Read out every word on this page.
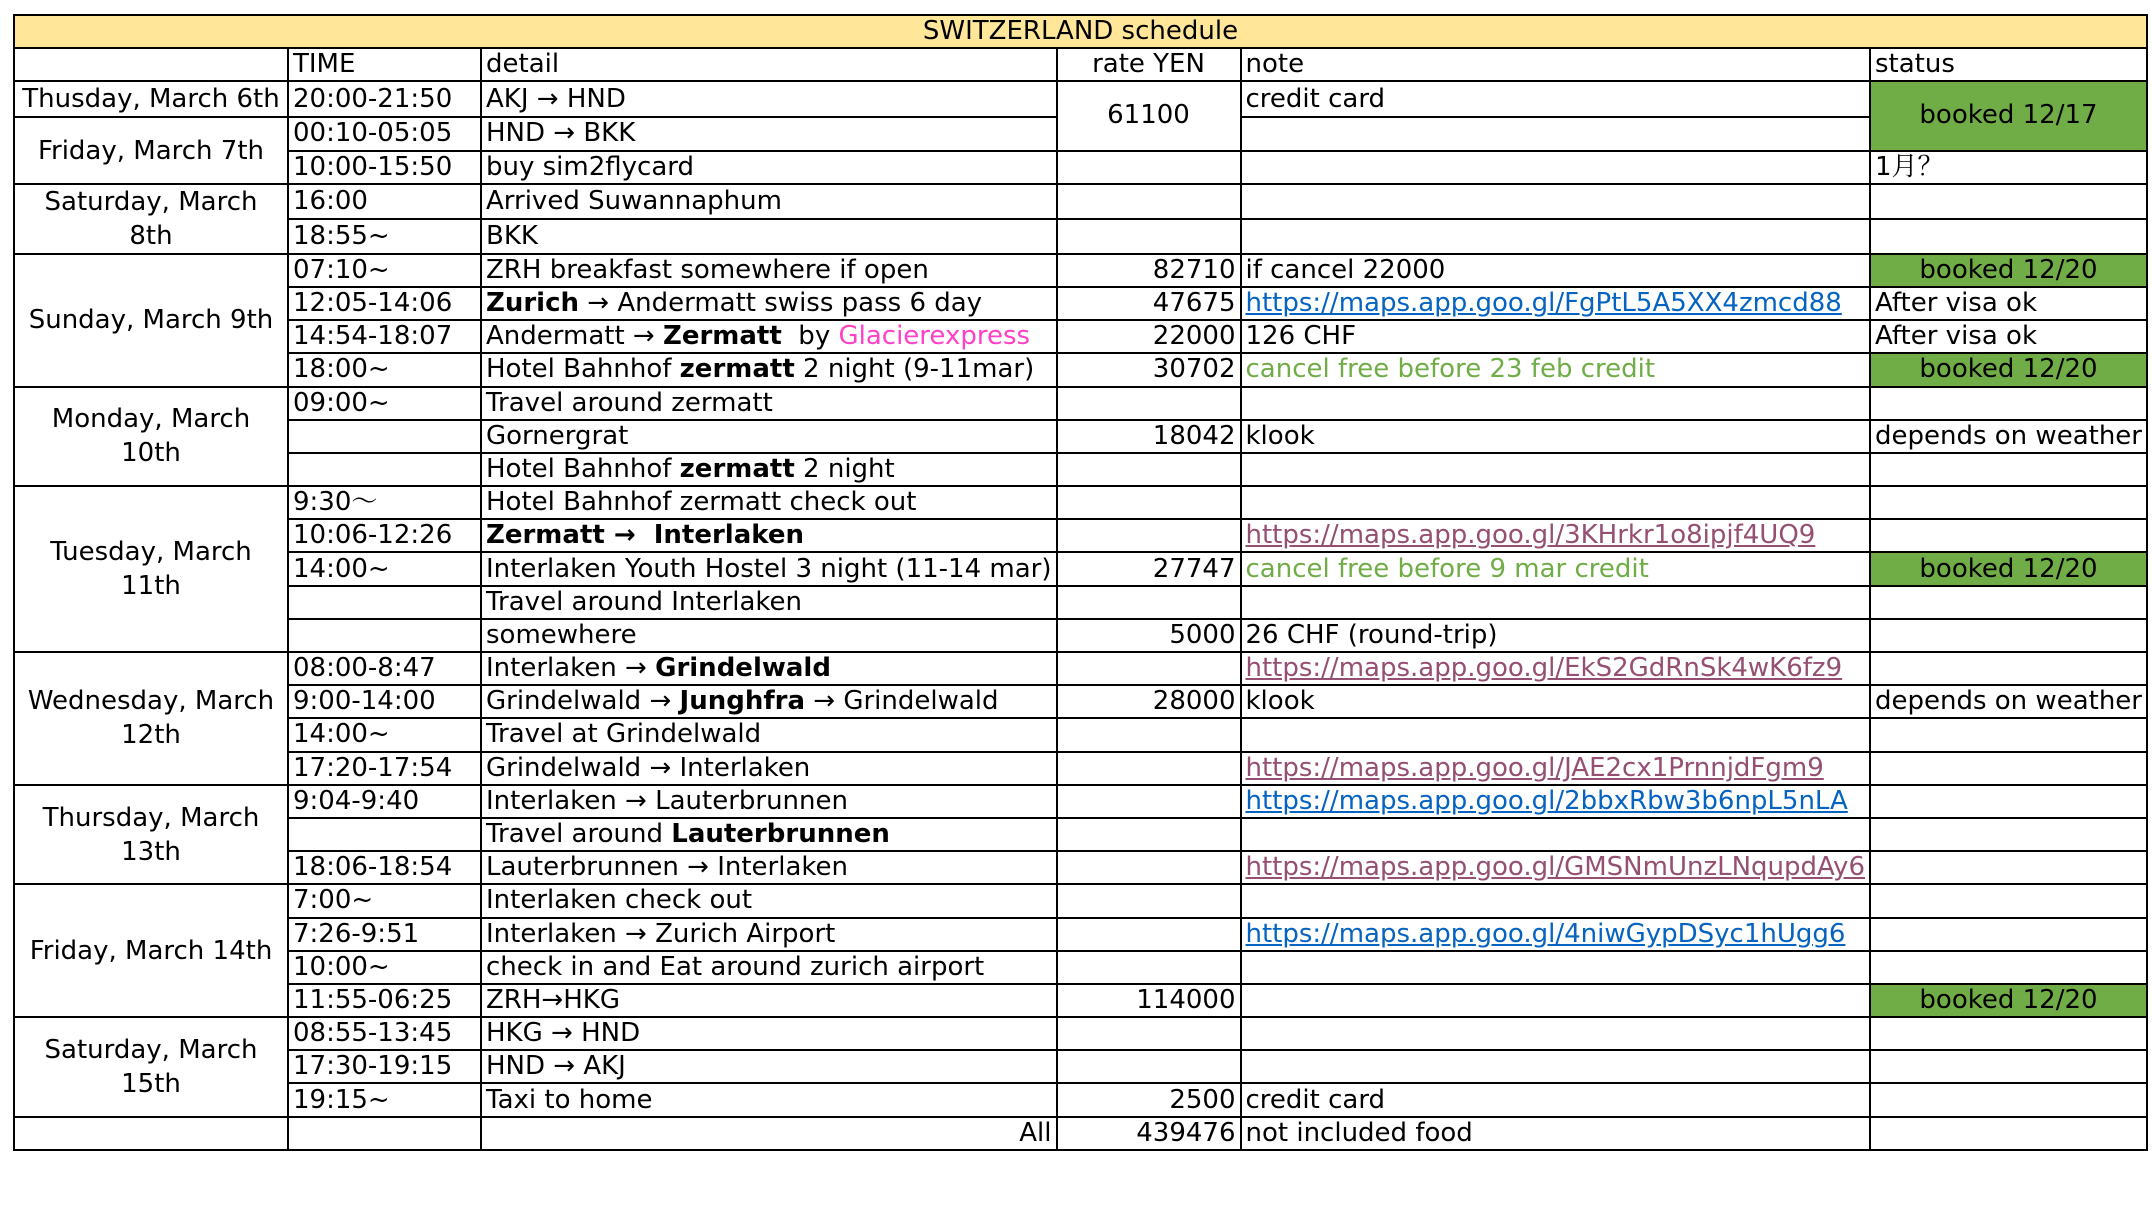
SWITZERLAND schedule					
	TIME	detail	rate YEN	note	status
Thusday, March 6th	20:00-21:50	AKJ → HND	61100	credit card	booked 12/17
Friday, March 7th	00:10-05:05	HND → BKK			
	10:00-15:50	buy sim2flycard			1月？
Saturday, March 8th	16:00	Arrived Suwannaphum			
	18:55~	BKK			
Sunday, March 9th	07:10~	ZRH breakfast somewhere if open	82710	if cancel 22000	booked 12/20
	12:05-14:06	Zurich → Andermatt swiss pass 6 day	47675	https://maps.app.goo.gl/FgPtL5A5XX4zmcd88	After visa ok
	14:54-18:07	Andermatt → Zermatt  by Glacierexpress	22000	126 CHF	After visa ok
	18:00~	Hotel Bahnhof zermatt 2 night (9-11mar)	30702	cancel free before 23 feb credit	booked 12/20
Monday, March 10th	09:00~	Travel around zermatt			
		Gornergrat	18042	klook	depends on weather
		Hotel Bahnhof zermatt 2 night			
Tuesday, March 11th	9:30～	Hotel Bahnhof zermatt check out			
	10:06-12:26	Zermatt →  Interlaken		https://maps.app.goo.gl/3KHrkr1o8ipjf4UQ9	
	14:00~	Interlaken Youth Hostel 3 night (11-14 mar)	27747	cancel free before 9 mar credit	booked 12/20
		Travel around Interlaken			
		somewhere	5000	26 CHF (round-trip)	
Wednesday, March 12th	08:00-8:47	Interlaken → Grindelwald		https://maps.app.goo.gl/EkS2GdRnSk4wK6fz9	
	9:00-14:00	Grindelwald → Junghfra → Grindelwald	28000	klook	depends on weather
	14:00~	Travel at Grindelwald			
	17:20-17:54	Grindelwald → Interlaken		https://maps.app.goo.gl/JAE2cx1PrnnjdFgm9	
Thursday, March 13th	9:04-9:40	Interlaken → Lauterbrunnen		https://maps.app.goo.gl/2bbxRbw3b6npL5nLA	
		Travel around Lauterbrunnen			
	18:06-18:54	Lauterbrunnen → Interlaken		https://maps.app.goo.gl/GMSNmUnzLNqupdAy6	
Friday, March 14th	7:00~	Interlaken check out			
	7:26-9:51	Interlaken → Zurich Airport		https://maps.app.goo.gl/4niwGypDSyc1hUgg6	
	10:00~	check in and Eat around zurich airport			
	11:55-06:25	ZRH→HKG	114000		booked 12/20
Saturday, March 15th	08:55-13:45	HKG → HND			
	17:30-19:15	HND → AKJ			
	19:15~	Taxi to home	2500	credit card	
		All	439476	not included food	
